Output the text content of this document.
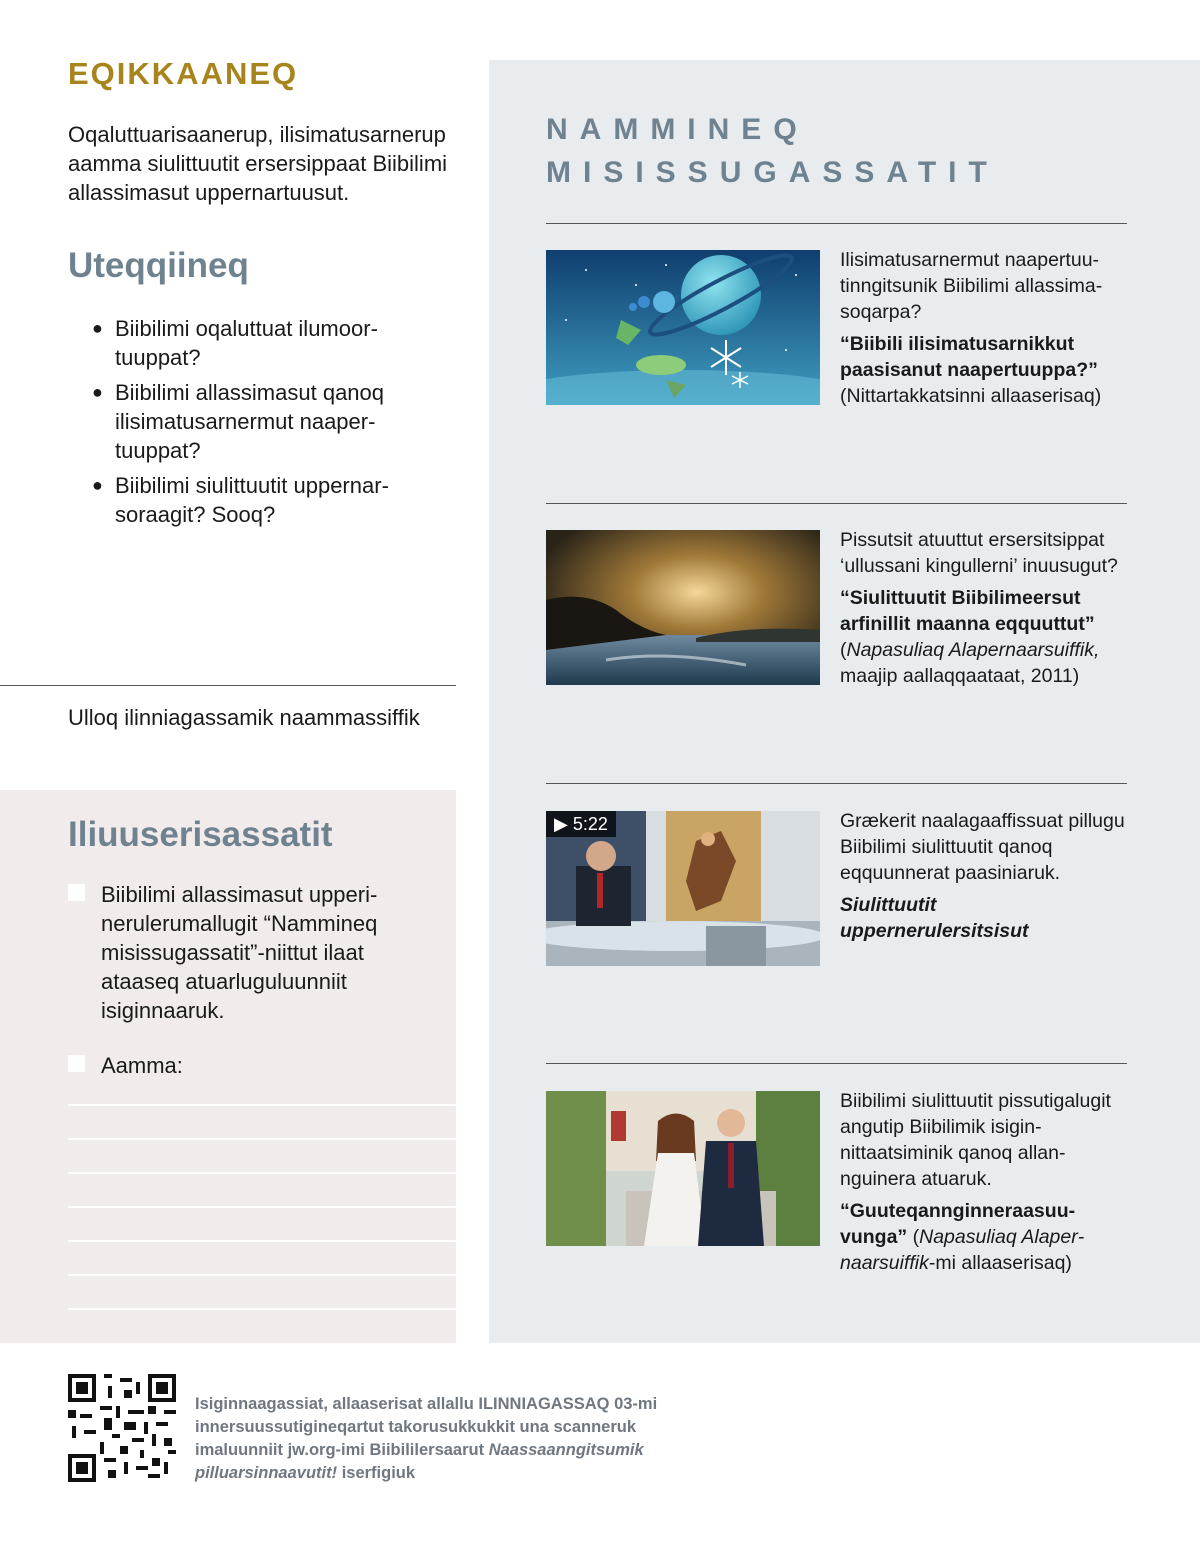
EQIKKAANEQ
Oqaluttuarisaanerup, ilisimatusarnerup aamma siulittuutit ersersippaat Biibilimi allassimasut uppernartuusut.
Uteqqiineq
● Biibilimi oqaluttuat ilumoortuuppat?
● Biibilimi allassimasut qanoq ilisimatusarnermut naapertuuppat?
● Biibilimi siulittuutit uppernarsoraagit? Sooq?
Ulloq ilinniagassamik naammassiffik
Iliuuserisassatit
Biibilimi allassimasut upperinerulerumallugit “Nammineq misissugassatit”-niittut ilaat ataaseq atuarluguluunniit isiginnaaruk.
Aamma:
NAMMINEQ
MISISSUGASSATIT
Ilisimatusarnermut naapertuutinngitsunik Biibilimi allassimasoqarpa?
“Biibili ilisimatusarnikkut paasisanut naapertuuppa?”
(Nittartakkatsinni allaaserisaq)
Pissutsit atuuttut ersersitsippat ‘ullussani kingullerni’ inuusugut?
“Siulittuutit Biibilimeersut arfinillit maanna eqquuttut”
(Napasuliaq Alapernaarsuiffik,
maajip aallaqqaataat, 2011)
▶ 5:22	Grækerit naalagaaffissuat pillugu Biibilimi siulittuutit qanoq eqquunnerat paasiniaruk.
Siulittuutit uppernerulersitsisut
Biibilimi siulittuutit pissutigalugit angutip Biibilimik isiginnittaatsiminik qanoq allannguinera atuaruk.
“Guuteqannginneraasuuvunga” (Napasuliaq Alapernaarsuiffik-mi allaaserisaq)
Isiginnaagassiat, allaaserisat allallu ILINNIAGASSAQ 03-mi innersuussutigineqartut takorusukkukkit una scanneruk imaluunniit jw.org-imi Biibililersaarut Naassaanngitsumik pilluarsinnaavutit! iserfigiuk
